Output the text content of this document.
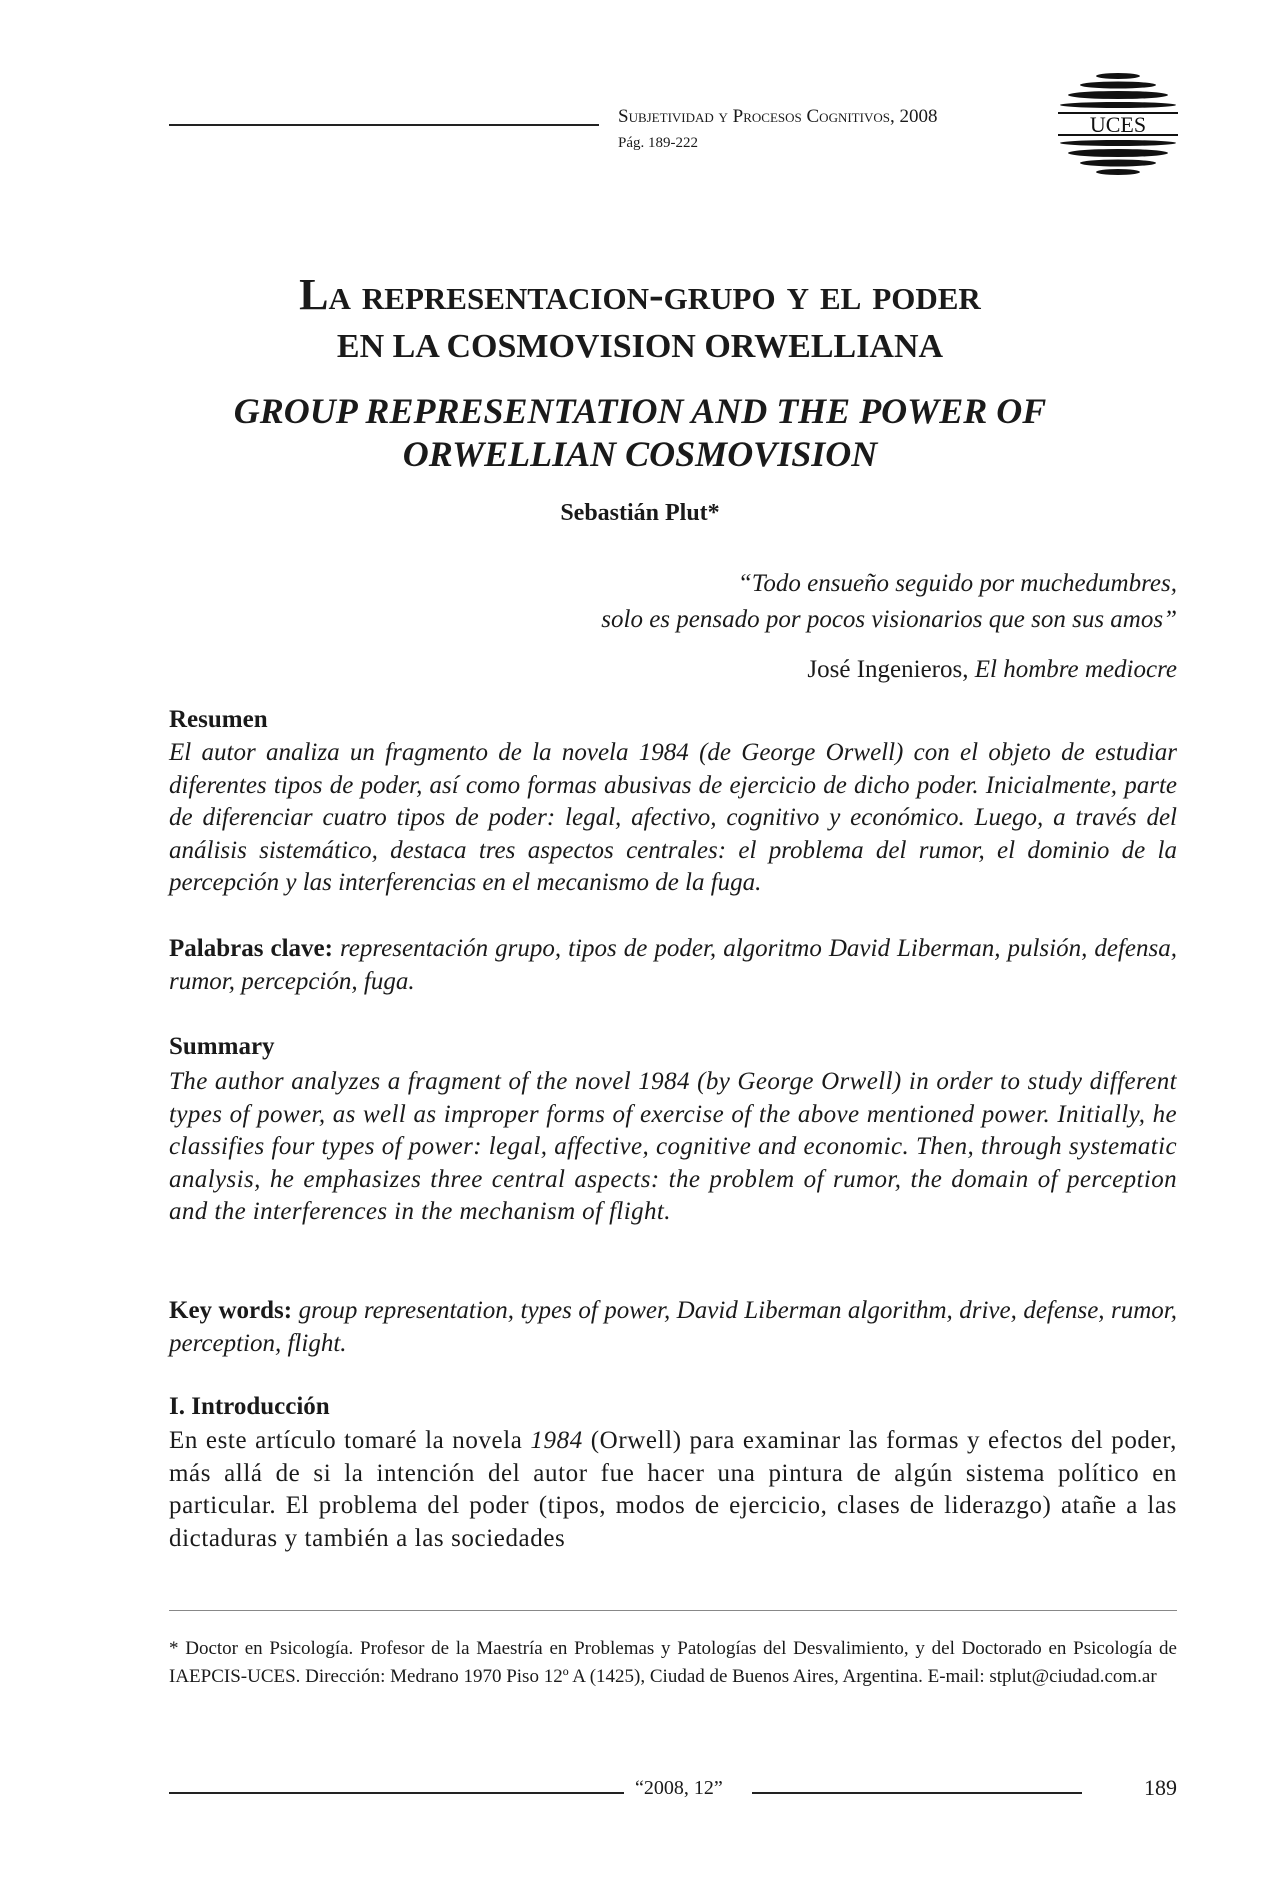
Subjetividad y Procesos Cognitivos, 2008
Pág. 189-222
UCES
La representacion-grupo y el poder
EN LA COSMOVISION ORWELLIANA
GROUP REPRESENTATION AND THE POWER OF
ORWELLIAN COSMOVISION
Sebastián Plut*
“Todo ensueño seguido por muchedumbres,
solo es pensado por pocos visionarios que son sus amos”
José Ingenieros, El hombre mediocre
Resumen
El autor analiza un fragmento de la novela 1984 (de George Orwell) con el objeto de estudiar diferentes tipos de poder, así como formas abusivas de ejercicio de dicho poder. Inicialmente, parte de diferenciar cuatro tipos de poder: legal, afectivo, cognitivo y económico. Luego, a través del análisis sistemático, destaca tres aspectos centrales: el problema del rumor, el dominio de la percepción y las interferencias en el mecanismo de la fuga.
Palabras clave: representación grupo, tipos de poder, algoritmo David Liberman, pulsión, defensa, rumor, percepción, fuga.
Summary
The author analyzes a fragment of the novel 1984 (by George Orwell) in order to study different types of power, as well as improper forms of exercise of the above mentioned power. Initially, he classifies four types of power: legal, affective, cognitive and economic. Then, through systematic analysis, he emphasizes three central aspects: the problem of rumor, the domain of perception and the interferences in the mechanism of flight.
Key words: group representation, types of power, David Liberman algorithm, drive, defense, rumor, perception, flight.
I. Introducción
En este artículo tomaré la novela 1984 (Orwell) para examinar las formas y efectos del poder, más allá de si la intención del autor fue hacer una pintura de algún sistema político en particular. El problema del poder (tipos, modos de ejercicio, clases de liderazgo) atañe a las dictaduras y también a las sociedades
* Doctor en Psicología. Profesor de la Maestría en Problemas y Patologías del Desvalimiento, y del Doctorado en Psicología de IAEPCIS-UCES. Dirección: Medrano 1970 Piso 12º A (1425), Ciudad de Buenos Aires, Argentina. E-mail: stplut@ciudad.com.ar
“2008, 12”	189
